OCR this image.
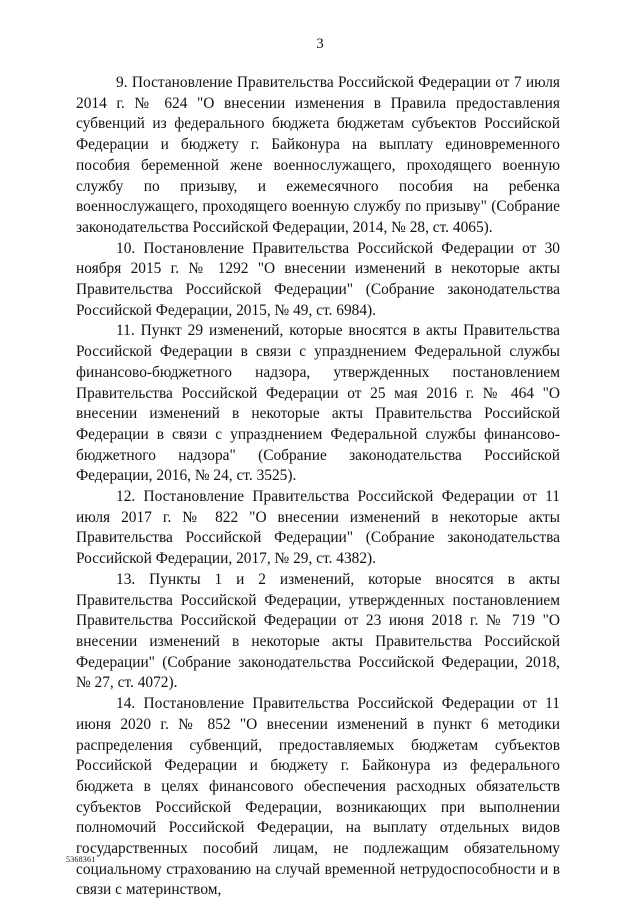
3

9. Постановление Правительства Российской Федерации от 7 июля 2014 г. № 624 "О внесении изменения в Правила предоставления субвенций из федерального бюджета бюджетам субъектов Российской Федерации и бюджету г. Байконура на выплату единовременного пособия беременной жене военнослужащего, проходящего военную службу по призыву, и ежемесячного пособия на ребенка военнослужащего, проходящего военную службу по призыву" (Собрание законодательства Российской Федерации, 2014, № 28, ст. 4065).

10. Постановление Правительства Российской Федерации от 30 ноября 2015 г. № 1292 "О внесении изменений в некоторые акты Правительства Российской Федерации" (Собрание законодательства Российской Федерации, 2015, № 49, ст. 6984).

11. Пункт 29 изменений, которые вносятся в акты Правительства Российской Федерации в связи с упразднением Федеральной службы финансово-бюджетного надзора, утвержденных постановлением Правительства Российской Федерации от 25 мая 2016 г. № 464 "О внесении изменений в некоторые акты Правительства Российской Федерации в связи с упразднением Федеральной службы финансово-бюджетного надзора" (Собрание законодательства Российской Федерации, 2016, № 24, ст. 3525).

12. Постановление Правительства Российской Федерации от 11 июля 2017 г. № 822 "О внесении изменений в некоторые акты Правительства Российской Федерации" (Собрание законодательства Российской Федерации, 2017, № 29, ст. 4382).

13. Пункты 1 и 2 изменений, которые вносятся в акты Правительства Российской Федерации, утвержденных постановлением Правительства Российской Федерации от 23 июня 2018 г. № 719 "О внесении изменений в некоторые акты Правительства Российской Федерации" (Собрание законодательства Российской Федерации, 2018, № 27, ст. 4072).

14. Постановление Правительства Российской Федерации от 11 июня 2020 г. № 852 "О внесении изменений в пункт 6 методики распределения субвенций, предоставляемых бюджетам субъектов Российской Федерации и бюджету г. Байконура из федерального бюджета в целях финансового обеспечения расходных обязательств субъектов Российской Федерации, возникающих при выполнении полномочий Российской Федерации, на выплату отдельных видов государственных пособий лицам, не подлежащим обязательному социальному страхованию на случай временной нетрудоспособности и в связи с материнством,

5368361
